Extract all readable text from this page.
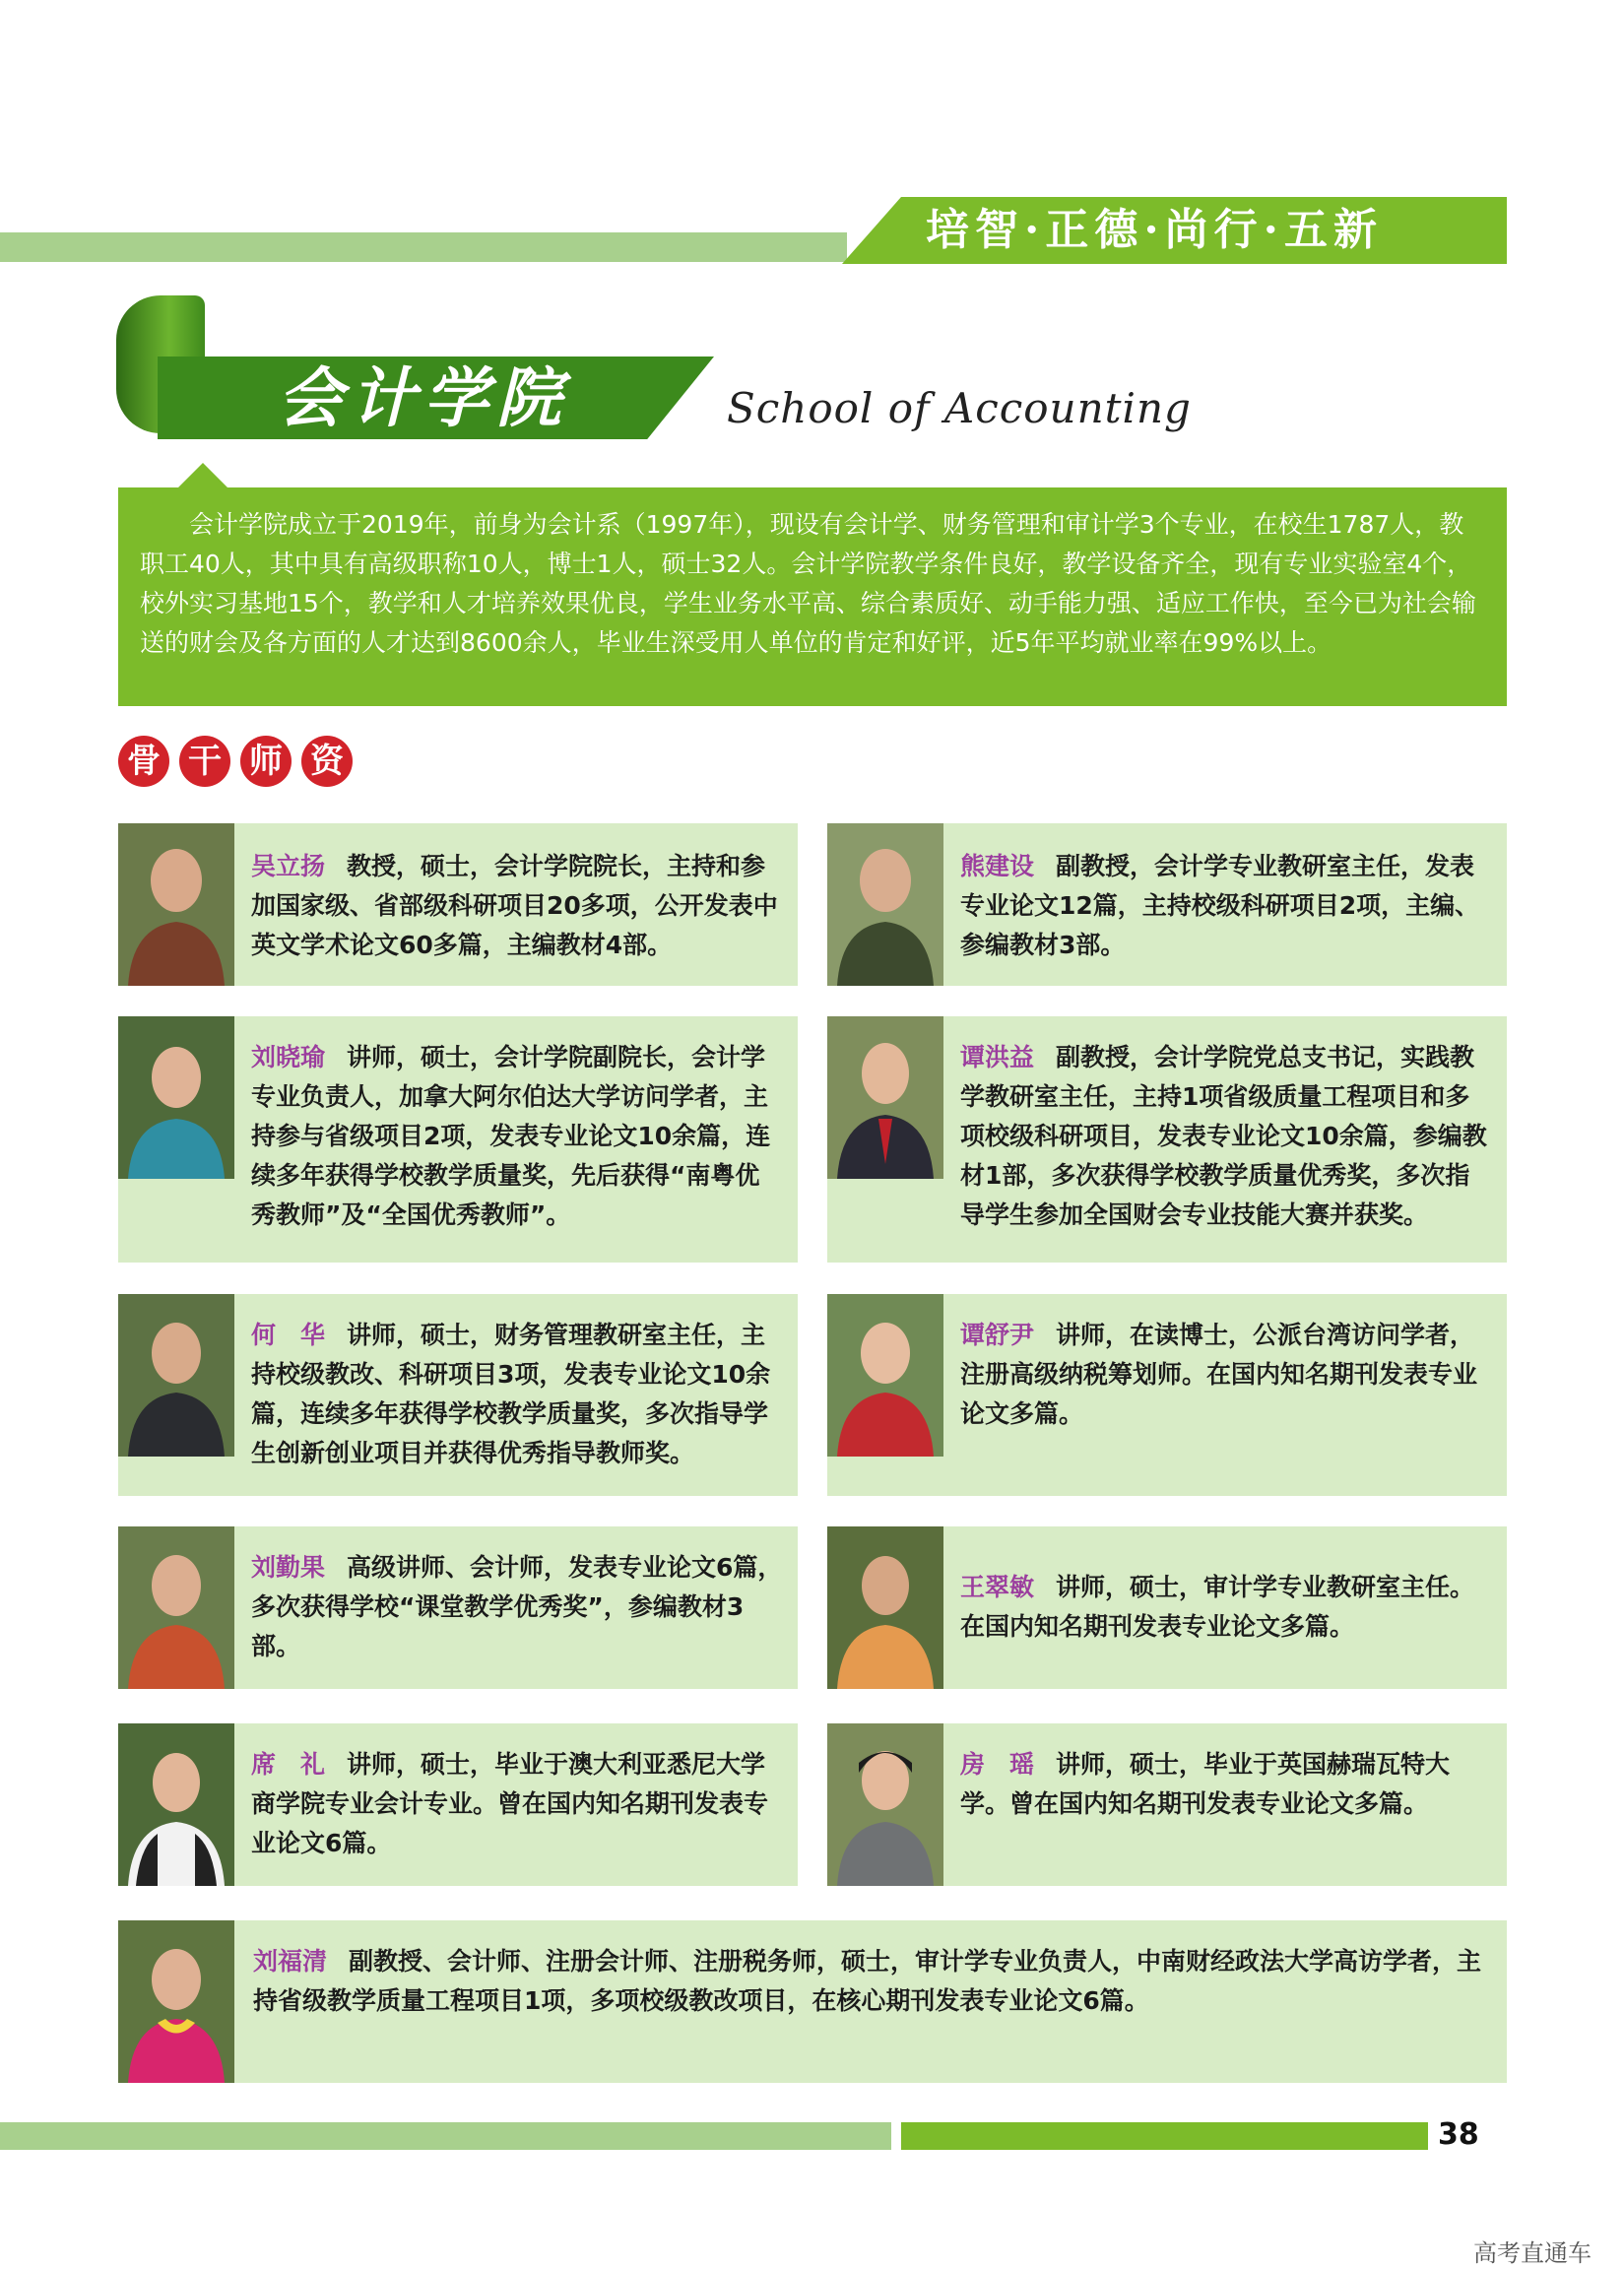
培智·正德·尚行·五新
会计学院	School of Accounting

会计学院成立于2019年，前身为会计系（1997年），现设有会计学、财务管理和审计学3个专业，在校生1787人，教职工40人，其中具有高级职称10人，博士1人，硕士32人。会计学院教学条件良好，教学设备齐全，现有专业实验室4个，校外实习基地15个，教学和人才培养效果优良，学生业务水平高、综合素质好、动手能力强、适应工作快，至今已为社会输送的财会及各方面的人才达到8600余人，毕业生深受用人单位的肯定和好评，近5年平均就业率在99%以上。

骨 干 师 资

吴立扬 教授，硕士，会计学院院长，主持和参加国家级、省部级科研项目20多项，公开发表中英文学术论文60多篇，主编教材4部。

熊建设 副教授，会计学专业教研室主任，发表专业论文12篇，主持校级科研项目2项，主编、参编教材3部。

刘晓瑜 讲师，硕士，会计学院副院长，会计学专业负责人，加拿大阿尔伯达大学访问学者，主持参与省级项目2项，发表专业论文10余篇，连续多年获得学校教学质量奖，先后获得“南粤优秀教师”及“全国优秀教师”。

谭洪益 副教授，会计学院党总支书记，实践教学教研室主任，主持1项省级质量工程项目和多项校级科研项目，发表专业论文10余篇，参编教材1部，多次获得学校教学质量优秀奖，多次指导学生参加全国财会专业技能大赛并获奖。

何　华 讲师，硕士，财务管理教研室主任，主持校级教改、科研项目3项，发表专业论文10余篇，连续多年获得学校教学质量奖，多次指导学生创新创业项目并获得优秀指导教师奖。

谭舒尹 讲师，在读博士，公派台湾访问学者，注册高级纳税筹划师。在国内知名期刊发表专业论文多篇。

刘勤果 高级讲师、会计师，发表专业论文6篇，多次获得学校“课堂教学优秀奖”，参编教材3部。

王翠敏 讲师，硕士，审计学专业教研室主任。在国内知名期刊发表专业论文多篇。

席　礼 讲师，硕士，毕业于澳大利亚悉尼大学商学院专业会计专业。曾在国内知名期刊发表专业论文6篇。

房　瑶 讲师，硕士，毕业于英国赫瑞瓦特大学。曾在国内知名期刊发表专业论文多篇。

刘福清 副教授、会计师、注册会计师、注册税务师，硕士，审计学专业负责人，中南财经政法大学高访学者，主持省级教学质量工程项目1项，多项校级教改项目，在核心期刊发表专业论文6篇。

38
高考直通车
